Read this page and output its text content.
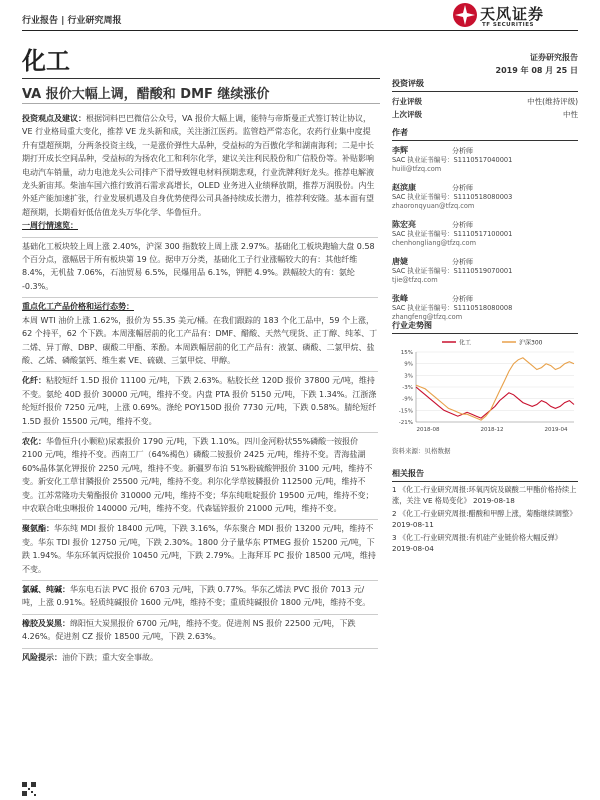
行业报告 | 行业研究周报	天风证券
TF SECURITIES
化工	证券研究报告
2019 年 08 月 25 日
VA 报价大幅上调，醋酸和 DMF 继续涨价

投资观点及建议：根据饲料巴巴微信公众号，VA 报价大幅上调，能特与帝斯曼正式签订转让协议，VE 行业格局重大变化，推荐 VE 龙头新和成，关注浙江医药。监管趋严常态化，农药行业集中度提升有望超预期，分两条投资主线，一是涨价弹性大品种，受益标的为百傲化学和湖南海利；二是中长期打开成长空间品种，受益标的为扬农化工和利尔化学，建议关注利民股份和广信股份等。补贴影响电动汽车销量，动力电池龙头公司排产下滑导致锂电材料预期悲观，行业洗牌利好龙头。推荐电解液龙头新宙邦。柴油车国六推行致消石需求高增长，OLED 业务进入业绩释放期，推荐万润股份。内生外延产能加速扩张，行业发展机遇及自身优势使得公司具备持续成长潜力，推荐利安隆。基本面有望超预期，长期看好低估值龙头万华化学、华鲁恒升。

一周行情速览：

基础化工板块较上周上涨 2.40%，沪深 300 指数较上周上涨 2.97%。基础化工板块跑输大盘 0.58 个百分点，涨幅居于所有板块第 19 位。据申万分类，基础化工子行业涨幅较大的有：其他纤维 8.4%，无机盐 7.06%，石油贸易 6.5%，民爆用品 6.1%，钾肥 4.9%。跌幅较大的有：氨纶 -0.3%。

重点化工产品价格和运行态势：

本周 WTI 油价上涨 1.62%，报价为 55.35 美元/桶。在我们跟踪的 183 个化工品中，59 个上涨，62 个持平，62 个下跌。本周涨幅居前的化工产品有：DMF、醋酸、天然气现货、正丁醇、纯苯、丁二烯、异丁醇、DBP、碳酸二甲酯、苯酚。本周跌幅居前的化工产品有：液氯、磷酸、二氯甲烷、盐酸、乙烯、磷酸氯钙、维生素 VE、硫磺、三氯甲烷、甲醇。

化纤：粘胶短纤 1.5D 报价 11100 元/吨，下跌 2.63%。粘胶长丝 120D 报价 37800 元/吨，维持不变。氨纶 40D 报价 30000 元/吨，维持不变。内盘 PTA 报价 5150 元/吨，下跌 1.34%。江浙涤纶短纤报价 7250 元/吨，上涨 0.69%。涤纶 POY150D 报价 7730 元/吨，下跌 0.58%。腈纶短纤 1.5D 报价 15500 元/吨，维持不变。

农化：华鲁恒升(小颗粒)尿素报价 1790 元/吨，下跌 1.10%。四川金河粉状55%磷酸一铵报价 2100 元/吨，维持不变。西南工厂（64%褐色）磷酸二铵报价 2425 元/吨，维持不变。青海盐湖 60%晶体氯化钾报价 2250 元/吨，维持不变。新疆罗布泊 51%粉硫酸钾报价 3100 元/吨，维持不变。新安化工草甘膦报价 25500 元/吨，维持不变。利尔化学草铵膦报价 112500 元/吨，维持不变。江苏常隆功夫菊酯报价 310000 元/吨，维持不变；华东纯吡啶报价 19500 元/吨，维持不变；中农联合吡虫啉报价 140000 元/吨，维持不变。代森锰锌报价 21000 元/吨，维持不变。

聚氨酯：华东纯 MDI 报价 18400 元/吨，下跌 3.16%，华东聚合 MDI 报价 13200 元/吨，维持不变。华东 TDI 报价 12750 元/吨，下跌 2.30%。1800 分子量华东 PTMEG 报价 15200 元/吨，下跌 1.94%。华东环氧丙烷报价 10450 元/吨，下跌 2.79%。上海拜耳 PC 报价 18500 元/吨，维持不变。

氯碱、纯碱：华东电石法 PVC 报价 6703 元/吨，下跌 0.77%。华东乙烯法 PVC 报价 7013 元/吨，上涨 0.91%。轻质纯碱报价 1600 元/吨，维持不变；重质纯碱报价 1800 元/吨，维持不变。

橡胶及炭黑：绵阳恒大炭黑报价 6700 元/吨，维持不变。促进剂 NS 报价 22500 元/吨，下跌 4.26%。促进剂 CZ 报价 18500 元/吨，下跌 2.63%。

风险提示：油价下跌；重大安全事故。

投资评级
行业评级	中性(维持评级)
上次评级	中性
作者
李辉	分析师
SAC 执业证书编号：S1110517040001
huili@tfzq.com
赵滨康	分析师
SAC 执业证书编号：S1110518080003
zhaoronqyuan@tfzq.com
陈宏亮	分析师
SAC 执业证书编号：S1110517100001
chenhongliang@tfzq.com
唐婕	分析师
SAC 执业证书编号：S1110519070001
tjie@tfzq.com
张峰	分析师
SAC 执业证书编号：S1110518080008
zhangfeng@tfzq.com
行业走势图
化工	沪深300
15%
9%
3%
-3%
-9%
-15%
-21%
2018-08	2018-12	2019-04
资料来源：贝格数据
相关报告
1 《化工-行业研究周报:环氧丙烷及碳酸二甲酯价格持续上涨，关注 VE 格局变化》 2019-08-18
2 《化工-行业研究周报:醋酸和甲醇上涨，菊酯继续调整》 2019-08-11
3 《化工-行业研究周报:有机硅产业链价格大幅反弹》 2019-08-04
